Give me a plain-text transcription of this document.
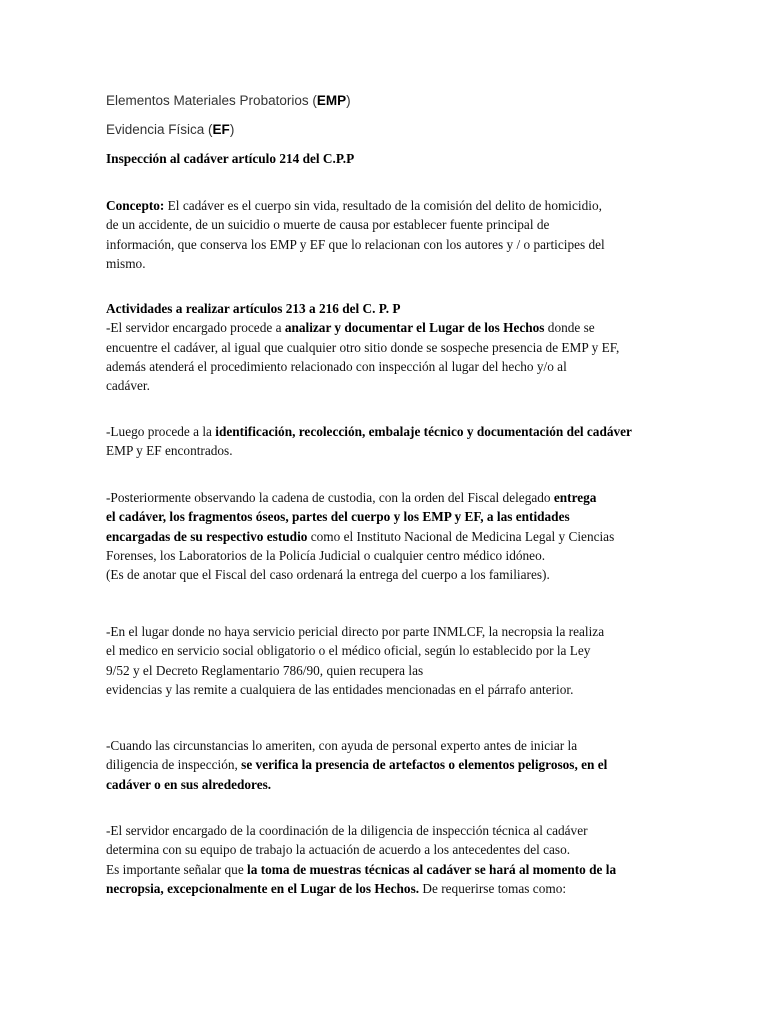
Elementos Materiales Probatorios (EMP)
Evidencia Física (EF)
Inspección al cadáver artículo 214 del C.P.P
Concepto: El cadáver es el cuerpo sin vida, resultado de la comisión del delito de homicidio,
de un accidente, de un suicidio o muerte de causa por establecer fuente principal de
información, que conserva los EMP y EF que lo relacionan con los autores y / o participes del
mismo.
Actividades a realizar artículos 213 a 216 del C. P. P
-El servidor encargado procede a analizar y documentar el Lugar de los Hechos donde se
encuentre el cadáver, al igual que cualquier otro sitio donde se sospeche presencia de EMP y EF,
además atenderá el procedimiento relacionado con inspección al lugar del hecho y/o al
cadáver.
-Luego procede a la identificación, recolección, embalaje técnico y documentación del cadáver
EMP y EF encontrados.
-Posteriormente observando la cadena de custodia, con la orden del Fiscal delegado entrega
el cadáver, los fragmentos óseos, partes del cuerpo y los EMP y EF, a las entidades
encargadas de su respectivo estudio como el Instituto Nacional de Medicina Legal y Ciencias
Forenses, los Laboratorios de la Policía Judicial o cualquier centro médico idóneo.
(Es de anotar que el Fiscal del caso ordenará la entrega del cuerpo a los familiares).
-En el lugar donde no haya servicio pericial directo por parte INMLCF, la necropsia la realiza
el medico en servicio social obligatorio o el médico oficial, según lo establecido por la Ley
9/52 y el Decreto Reglamentario 786/90, quien recupera las
evidencias y las remite a cualquiera de las entidades mencionadas en el párrafo anterior.
-Cuando las circunstancias lo ameriten, con ayuda de personal experto antes de iniciar la
diligencia de inspección, se verifica la presencia de artefactos o elementos peligrosos, en el
cadáver o en sus alrededores.
-El servidor encargado de la coordinación de la diligencia de inspección técnica al cadáver
determina con su equipo de trabajo la actuación de acuerdo a los antecedentes del caso.
Es importante señalar que la toma de muestras técnicas al cadáver se hará al momento de la
necropsia, excepcionalmente en el Lugar de los Hechos. De requerirse tomas como:
